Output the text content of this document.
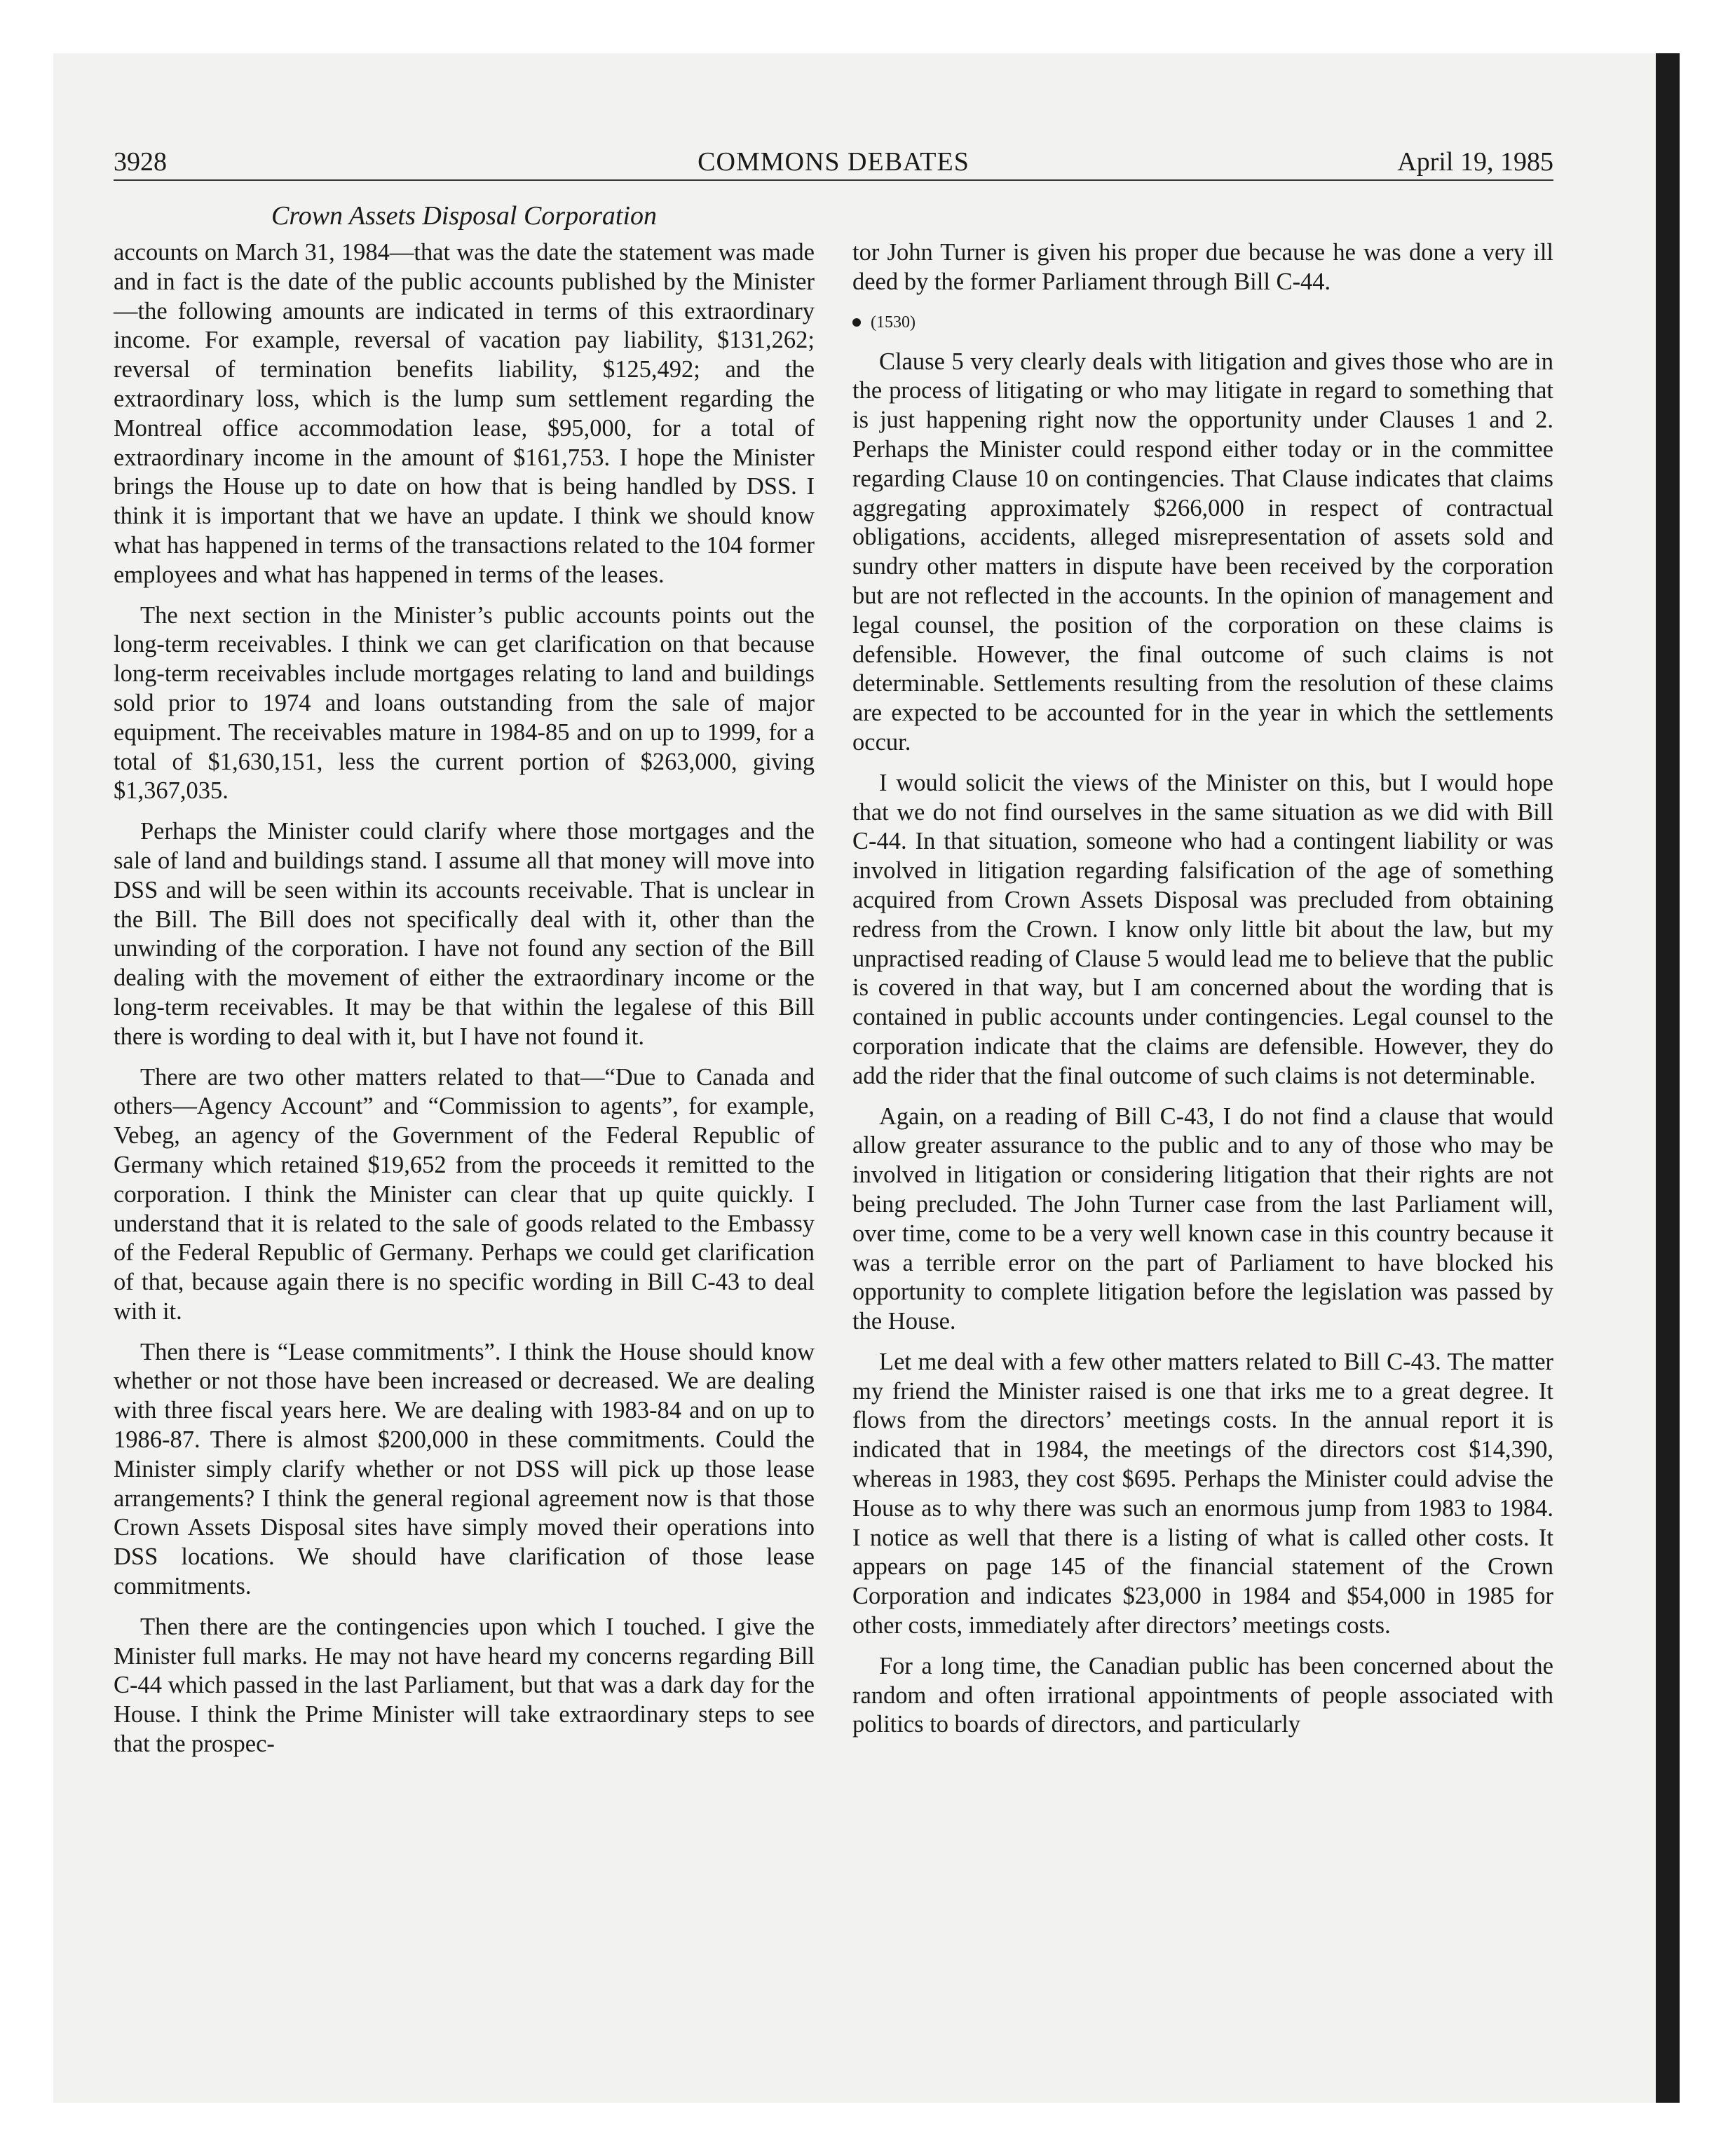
3928	COMMONS DEBATES	April 19, 1985
Crown Assets Disposal Corporation

accounts on March 31, 1984—that was the date the statement was made and in fact is the date of the public accounts published by the Minister—the following amounts are indicated in terms of this extraordinary income. For example, reversal of vacation pay liability, $131,262; reversal of termination benefits liability, $125,492; and the extraordinary loss, which is the lump sum settlement regarding the Montreal office accommodation lease, $95,000, for a total of extraordinary income in the amount of $161,753. I hope the Minister brings the House up to date on how that is being handled by DSS. I think it is important that we have an update. I think we should know what has happened in terms of the transactions related to the 104 former employees and what has happened in terms of the leases.

The next section in the Minister’s public accounts points out the long-term receivables. I think we can get clarification on that because long-term receivables include mortgages relating to land and buildings sold prior to 1974 and loans outstanding from the sale of major equipment. The receivables mature in 1984-85 and on up to 1999, for a total of $1,630,151, less the current portion of $263,000, giving $1,367,035.

Perhaps the Minister could clarify where those mortgages and the sale of land and buildings stand. I assume all that money will move into DSS and will be seen within its accounts receivable. That is unclear in the Bill. The Bill does not specifically deal with it, other than the unwinding of the corporation. I have not found any section of the Bill dealing with the movement of either the extraordinary income or the long-term receivables. It may be that within the legalese of this Bill there is wording to deal with it, but I have not found it.

There are two other matters related to that—“Due to Canada and others—Agency Account” and “Commission to agents”, for example, Vebeg, an agency of the Government of the Federal Republic of Germany which retained $19,652 from the proceeds it remitted to the corporation. I think the Minister can clear that up quite quickly. I understand that it is related to the sale of goods related to the Embassy of the Federal Republic of Germany. Perhaps we could get clarification of that, because again there is no specific wording in Bill C-43 to deal with it.

Then there is “Lease commitments”. I think the House should know whether or not those have been increased or decreased. We are dealing with three fiscal years here. We are dealing with 1983-84 and on up to 1986-87. There is almost $200,000 in these commitments. Could the Minister simply clarify whether or not DSS will pick up those lease arrangements? I think the general regional agreement now is that those Crown Assets Disposal sites have simply moved their operations into DSS locations. We should have clarification of those lease commitments.

Then there are the contingencies upon which I touched. I give the Minister full marks. He may not have heard my concerns regarding Bill C-44 which passed in the last Parliament, but that was a dark day for the House. I think the Prime Minister will take extraordinary steps to see that the prospec-

tor John Turner is given his proper due because he was done a very ill deed by the former Parliament through Bill C-44.

(1530)

Clause 5 very clearly deals with litigation and gives those who are in the process of litigating or who may litigate in regard to something that is just happening right now the opportunity under Clauses 1 and 2. Perhaps the Minister could respond either today or in the committee regarding Clause 10 on contingencies. That Clause indicates that claims aggregating approximately $266,000 in respect of contractual obligations, accidents, alleged misrepresentation of assets sold and sundry other matters in dispute have been received by the corporation but are not reflected in the accounts. In the opinion of management and legal counsel, the position of the corporation on these claims is defensible. However, the final outcome of such claims is not determinable. Settlements resulting from the resolution of these claims are expected to be accounted for in the year in which the settlements occur.

I would solicit the views of the Minister on this, but I would hope that we do not find ourselves in the same situation as we did with Bill C-44. In that situation, someone who had a contingent liability or was involved in litigation regarding falsification of the age of something acquired from Crown Assets Disposal was precluded from obtaining redress from the Crown. I know only little bit about the law, but my unpractised reading of Clause 5 would lead me to believe that the public is covered in that way, but I am concerned about the wording that is contained in public accounts under contingencies. Legal counsel to the corporation indicate that the claims are defensible. However, they do add the rider that the final outcome of such claims is not determinable.

Again, on a reading of Bill C-43, I do not find a clause that would allow greater assurance to the public and to any of those who may be involved in litigation or considering litigation that their rights are not being precluded. The John Turner case from the last Parliament will, over time, come to be a very well known case in this country because it was a terrible error on the part of Parliament to have blocked his opportunity to complete litigation before the legislation was passed by the House.

Let me deal with a few other matters related to Bill C-43. The matter my friend the Minister raised is one that irks me to a great degree. It flows from the directors’ meetings costs. In the annual report it is indicated that in 1984, the meetings of the directors cost $14,390, whereas in 1983, they cost $695. Perhaps the Minister could advise the House as to why there was such an enormous jump from 1983 to 1984. I notice as well that there is a listing of what is called other costs. It appears on page 145 of the financial statement of the Crown Corporation and indicates $23,000 in 1984 and $54,000 in 1985 for other costs, immediately after directors’ meetings costs.

For a long time, the Canadian public has been concerned about the random and often irrational appointments of people associated with politics to boards of directors, and particularly
